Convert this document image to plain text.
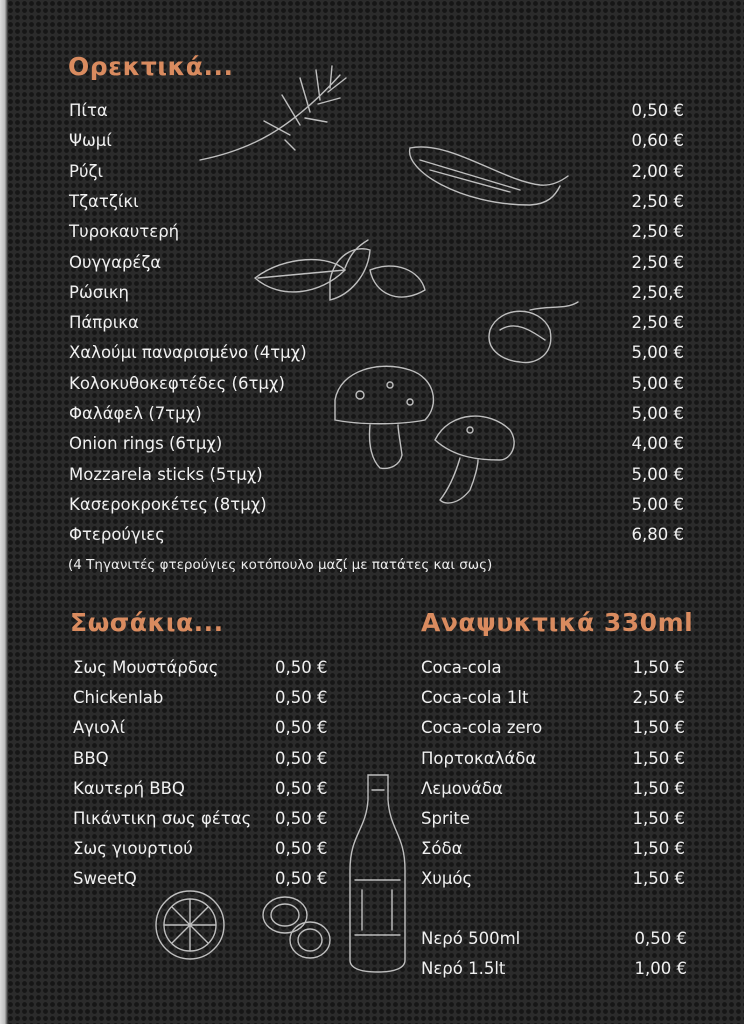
Ορεκτικά...
Πίτα	0,50 €
Ψωμί	0,60 €
Ρύζι	2,00 €
Τζατζίκι	2,50 €
Τυροκαυτερή	2,50 €
Ουγγαρέζα	2,50 €
Ρώσικη	2,50,€
Πάπρικα	2,50 €
Χαλούμι παναρισμένο (4τμχ)	5,00 €
Κολοκυθοκεφτέδες (6τμχ)	5,00 €
Φαλάφελ (7τμχ)	5,00 €
Onion rings (6τμχ)	4,00 €
Mozzarela sticks (5τμχ)	5,00 €
Κασεροκροκέτες (8τμχ)	5,00 €
Φτερούγιες	6,80 €
(4 Τηγανιτές φτερούγιες κοτόπουλο μαζί με πατάτες και σως)
Σωσάκια...
Σως Μουστάρδας	0,50 €
Chickenlab	0,50 €
Αγιολί	0,50 €
BBQ	0,50 €
Καυτερή BBQ	0,50 €
Πικάντικη σως φέτας 0,50 €
Σως γιουρτιού	0,50 €
SweetQ	0,50 €
Αναψυκτικά 330ml
Coca-cola	1,50 €
Coca-cola 1lt	2,50 €
Coca-cola zero	1,50 €
Πορτοκαλάδα	1,50 €
Λεμονάδα	1,50 €
Sprite	1,50 €
Σόδα	1,50 €
Χυμός	1,50 €
Νερό 500ml	0,50 €
Νερό 1.5lt	1,00 €
